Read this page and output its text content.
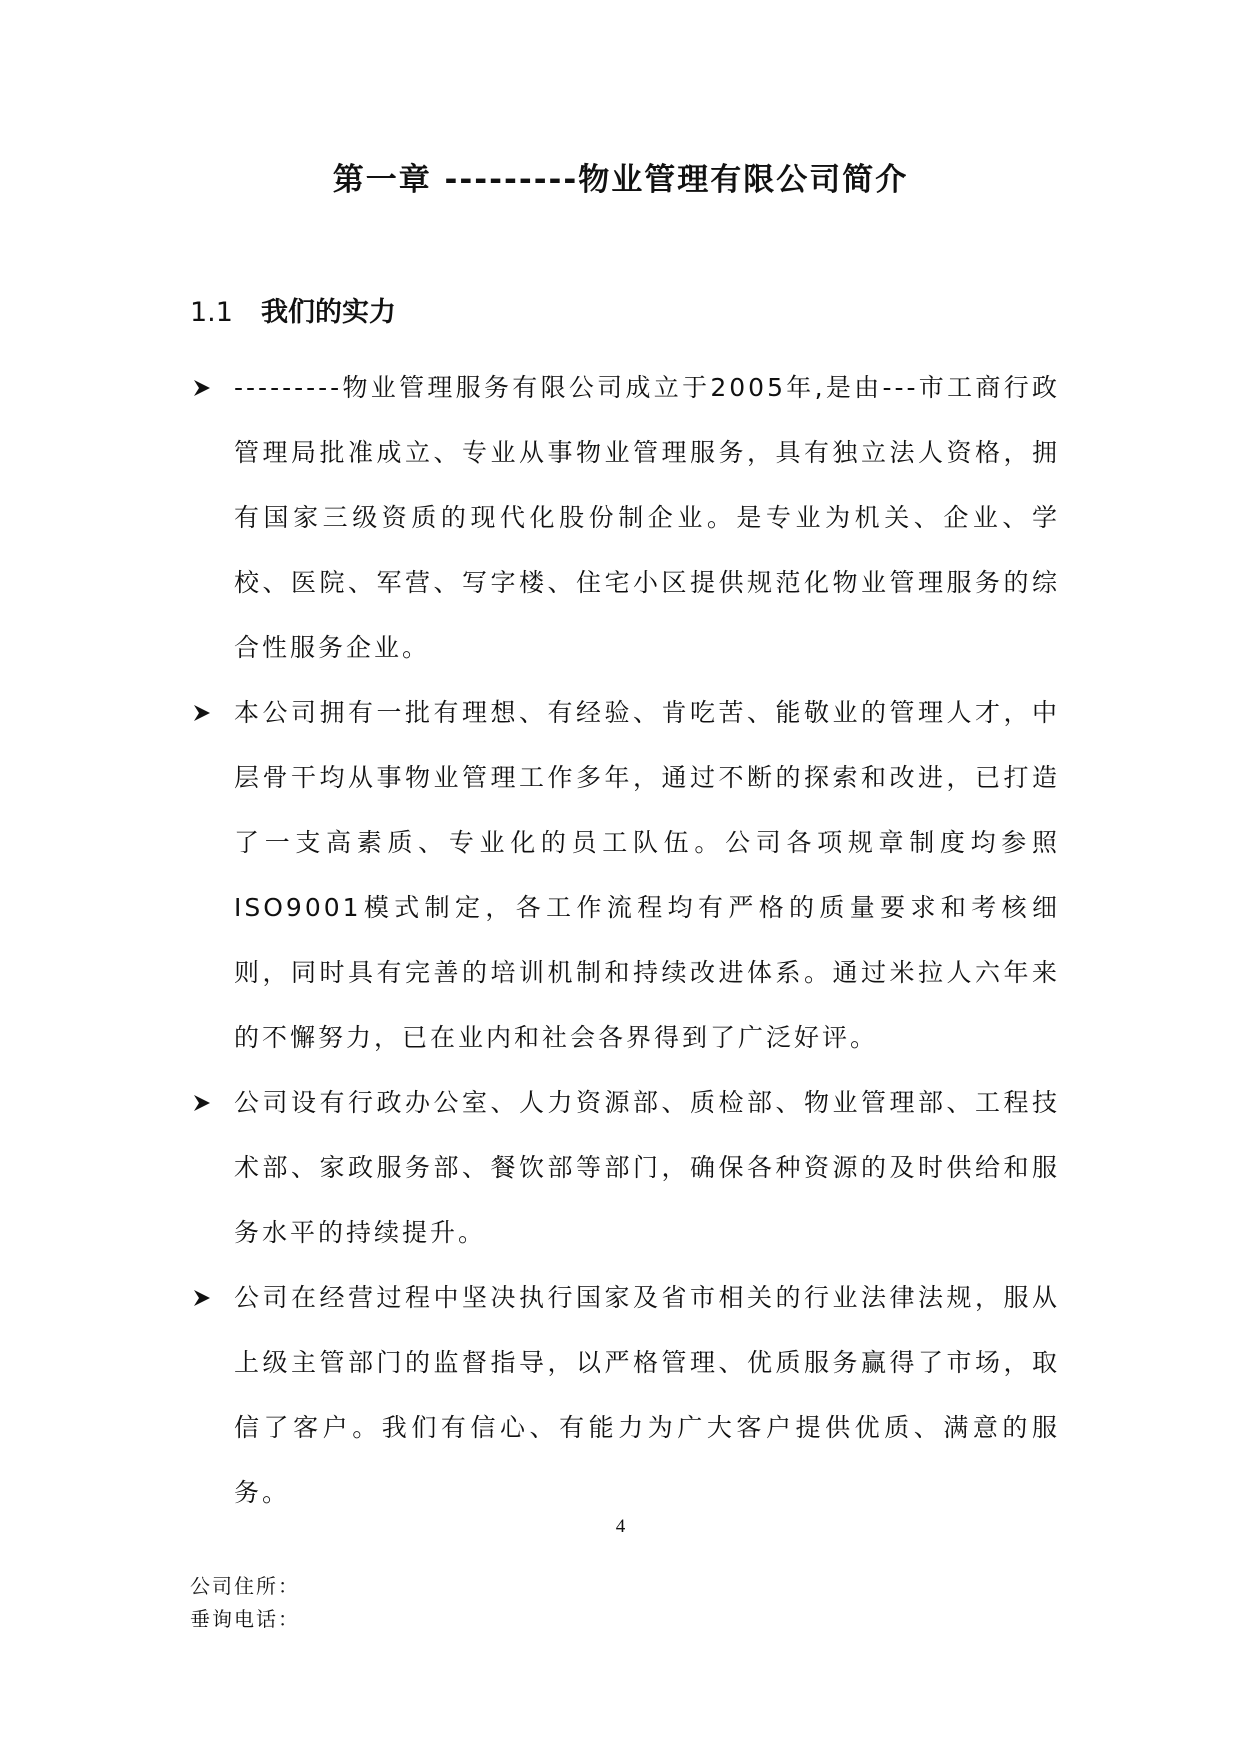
第一章 ---------物业管理有限公司简介
1.1 我们的实力
---------物业管理服务有限公司成立于2005年,是由---市工商行政管理局批准成立、专业从事物业管理服务，具有独立法人资格，拥有国家三级资质的现代化股份制企业。是专业为机关、企业、学校、医院、军营、写字楼、住宅小区提供规范化物业管理服务的综合性服务企业。
本公司拥有一批有理想、有经验、肯吃苦、能敬业的管理人才，中层骨干均从事物业管理工作多年，通过不断的探索和改进，已打造了一支高素质、专业化的员工队伍。公司各项规章制度均参照ISO9001模式制定，各工作流程均有严格的质量要求和考核细则，同时具有完善的培训机制和持续改进体系。通过米拉人六年来的不懈努力，已在业内和社会各界得到了广泛好评。
公司设有行政办公室、人力资源部、质检部、物业管理部、工程技术部、家政服务部、餐饮部等部门，确保各种资源的及时供给和服务水平的持续提升。
公司在经营过程中坚决执行国家及省市相关的行业法律法规，服从上级主管部门的监督指导，以严格管理、优质服务赢得了市场，取信了客户。我们有信心、有能力为广大客户提供优质、满意的服务。
4
公司住所：
垂询电话：
